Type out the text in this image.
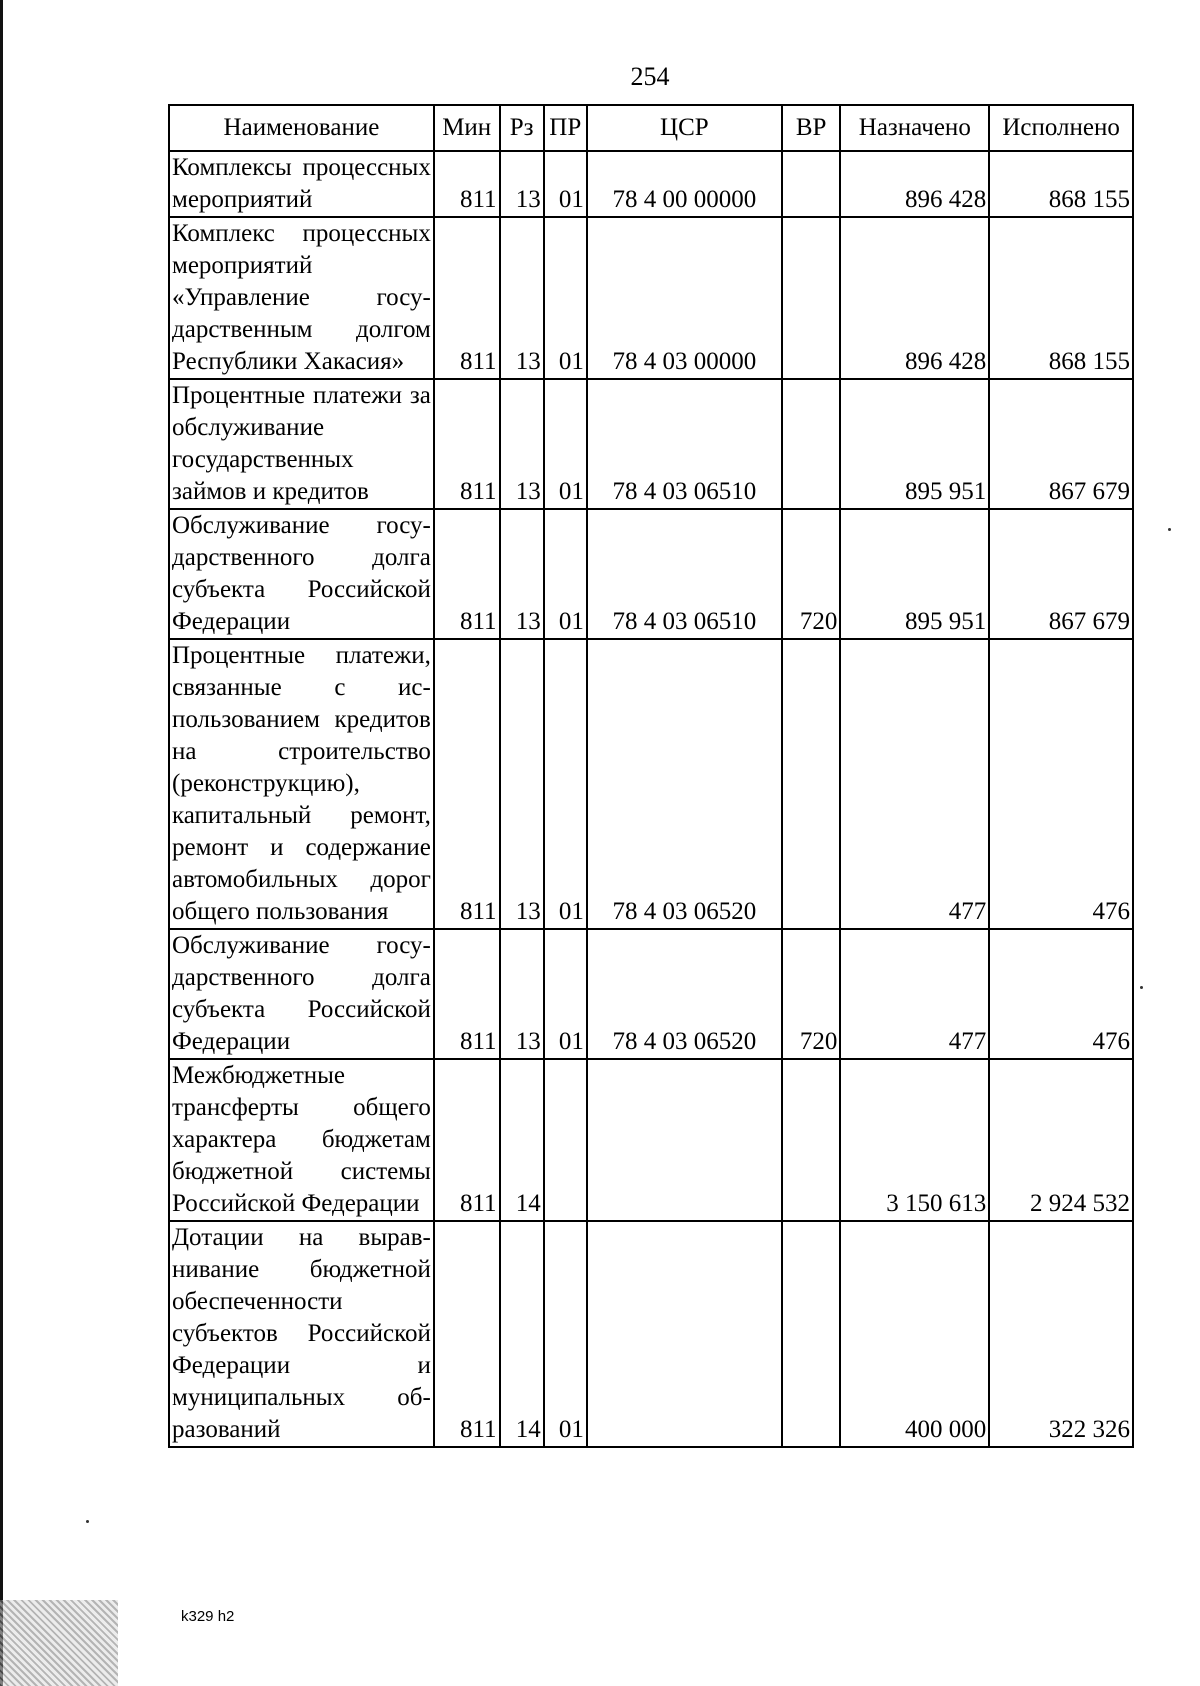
254
Наименование	Мин	Рз	ПР	ЦСР	ВР	Назначено	Исполнено
Комплексы процессных мероприятий	811	13	01	78 4 00 00000		896 428	868 155
Комплекс процессных мероприятий «Управление государственным долгом Республики Хакасия»	811	13	01	78 4 03 00000		896 428	868 155
Процентные платежи за обслуживание государственных займов и кредитов	811	13	01	78 4 03 06510		895 951	867 679
Обслуживание государственного долга субъекта Российской Федерации	811	13	01	78 4 03 06510	720	895 951	867 679
Процентные платежи, связанные с использованием кредитов на строительство (реконструкцию), капитальный ремонт, ремонт и содержание автомобильных дорог общего пользования	811	13	01	78 4 03 06520		477	476
Обслуживание государственного долга субъекта Российской Федерации	811	13	01	78 4 03 06520	720	477	476
Межбюджетные трансферты общего характера бюджетам бюджетной системы Российской Федерации	811	14				3 150 613	2 924 532
Дотации на выравнивание бюджетной обеспеченности субъектов Российской Федерации и муниципальных образований	811	14	01			400 000	322 326
k329 h2
